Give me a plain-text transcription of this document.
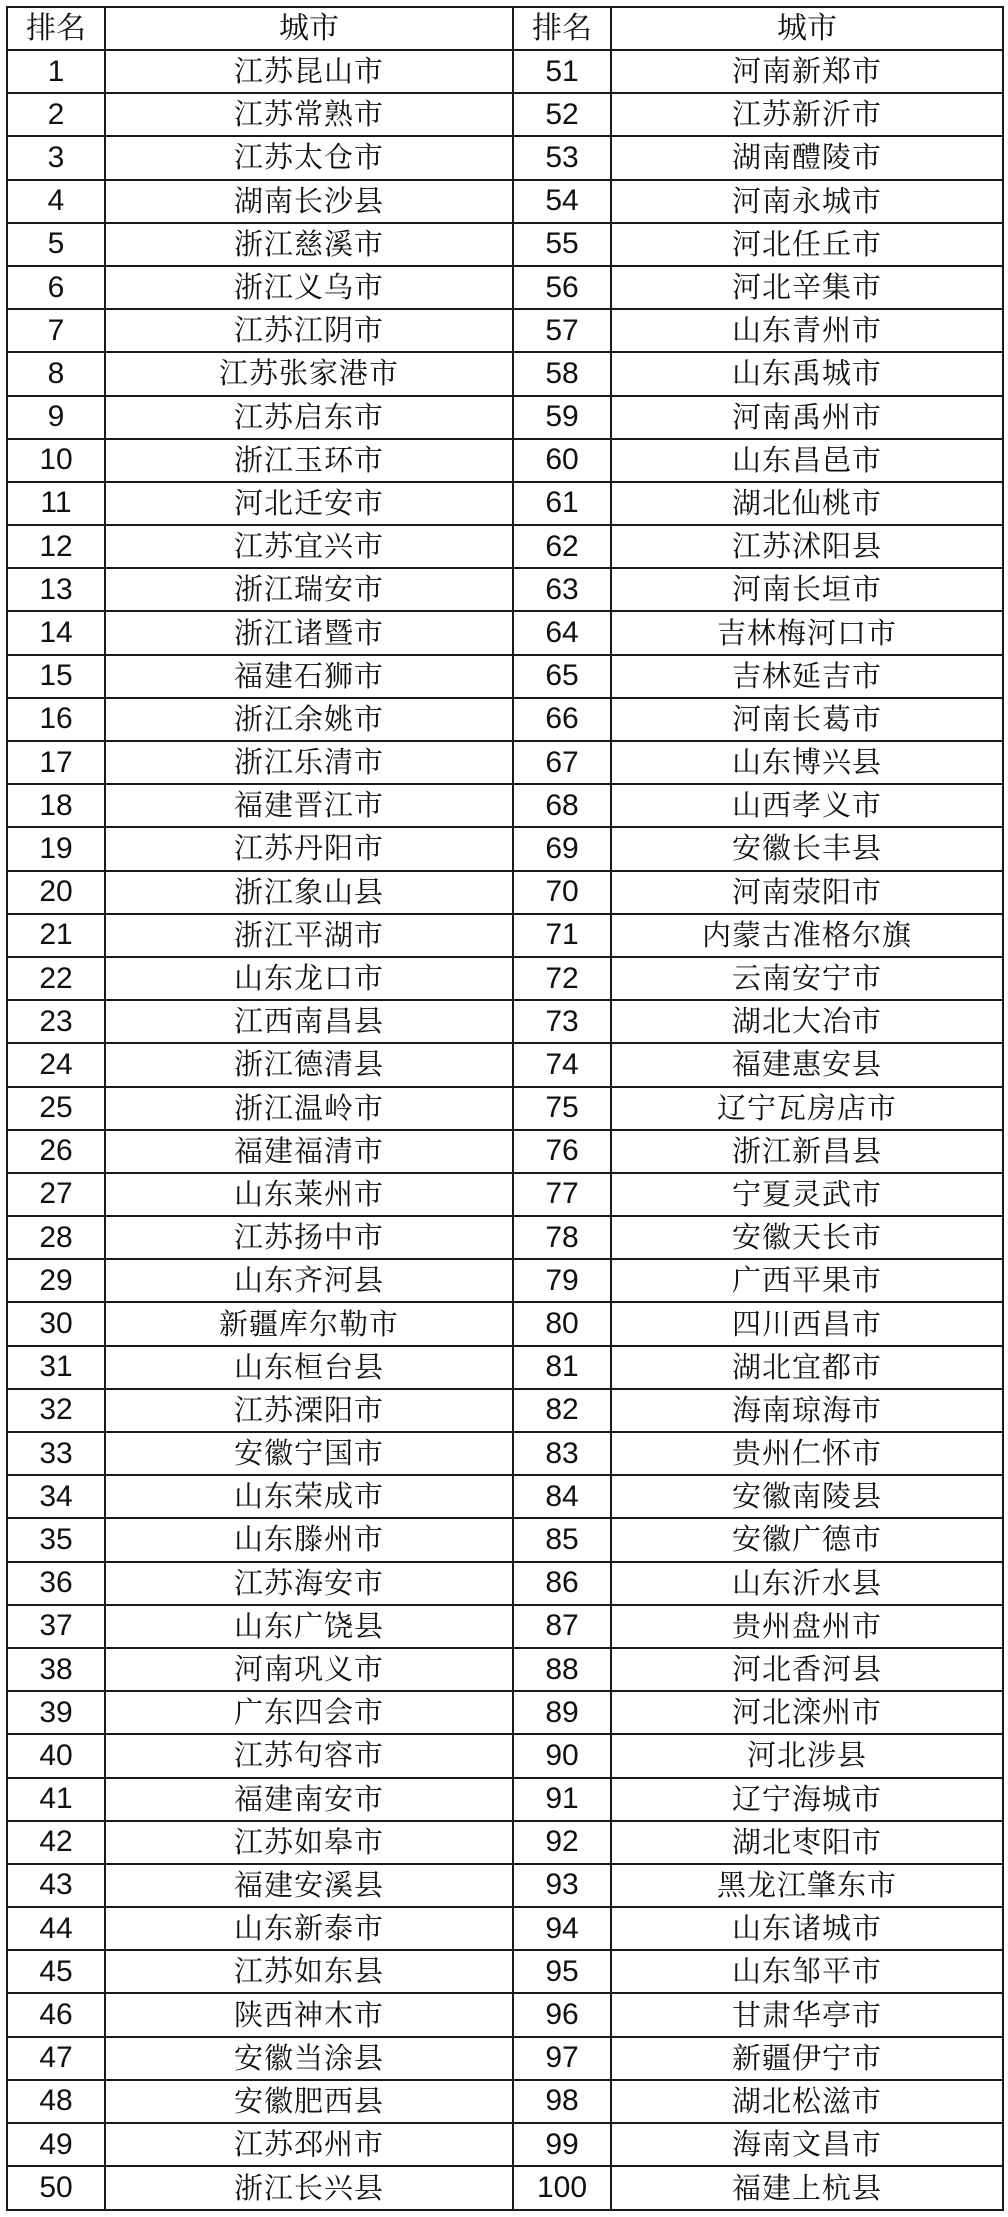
排名	城市	排名	城市
1	江苏昆山市	51	河南新郑市
2	江苏常熟市	52	江苏新沂市
3	江苏太仓市	53	湖南醴陵市
4	湖南长沙县	54	河南永城市
5	浙江慈溪市	55	河北任丘市
6	浙江义乌市	56	河北辛集市
7	江苏江阴市	57	山东青州市
8	江苏张家港市	58	山东禹城市
9	江苏启东市	59	河南禹州市
10	浙江玉环市	60	山东昌邑市
11	河北迁安市	61	湖北仙桃市
12	江苏宜兴市	62	江苏沭阳县
13	浙江瑞安市	63	河南长垣市
14	浙江诸暨市	64	吉林梅河口市
15	福建石狮市	65	吉林延吉市
16	浙江余姚市	66	河南长葛市
17	浙江乐清市	67	山东博兴县
18	福建晋江市	68	山西孝义市
19	江苏丹阳市	69	安徽长丰县
20	浙江象山县	70	河南荥阳市
21	浙江平湖市	71	内蒙古准格尔旗
22	山东龙口市	72	云南安宁市
23	江西南昌县	73	湖北大冶市
24	浙江德清县	74	福建惠安县
25	浙江温岭市	75	辽宁瓦房店市
26	福建福清市	76	浙江新昌县
27	山东莱州市	77	宁夏灵武市
28	江苏扬中市	78	安徽天长市
29	山东齐河县	79	广西平果市
30	新疆库尔勒市	80	四川西昌市
31	山东桓台县	81	湖北宜都市
32	江苏溧阳市	82	海南琼海市
33	安徽宁国市	83	贵州仁怀市
34	山东荣成市	84	安徽南陵县
35	山东滕州市	85	安徽广德市
36	江苏海安市	86	山东沂水县
37	山东广饶县	87	贵州盘州市
38	河南巩义市	88	河北香河县
39	广东四会市	89	河北滦州市
40	江苏句容市	90	河北涉县
41	福建南安市	91	辽宁海城市
42	江苏如皋市	92	湖北枣阳市
43	福建安溪县	93	黑龙江肇东市
44	山东新泰市	94	山东诸城市
45	江苏如东县	95	山东邹平市
46	陕西神木市	96	甘肃华亭市
47	安徽当涂县	97	新疆伊宁市
48	安徽肥西县	98	湖北松滋市
49	江苏邳州市	99	海南文昌市
50	浙江长兴县	100	福建上杭县
